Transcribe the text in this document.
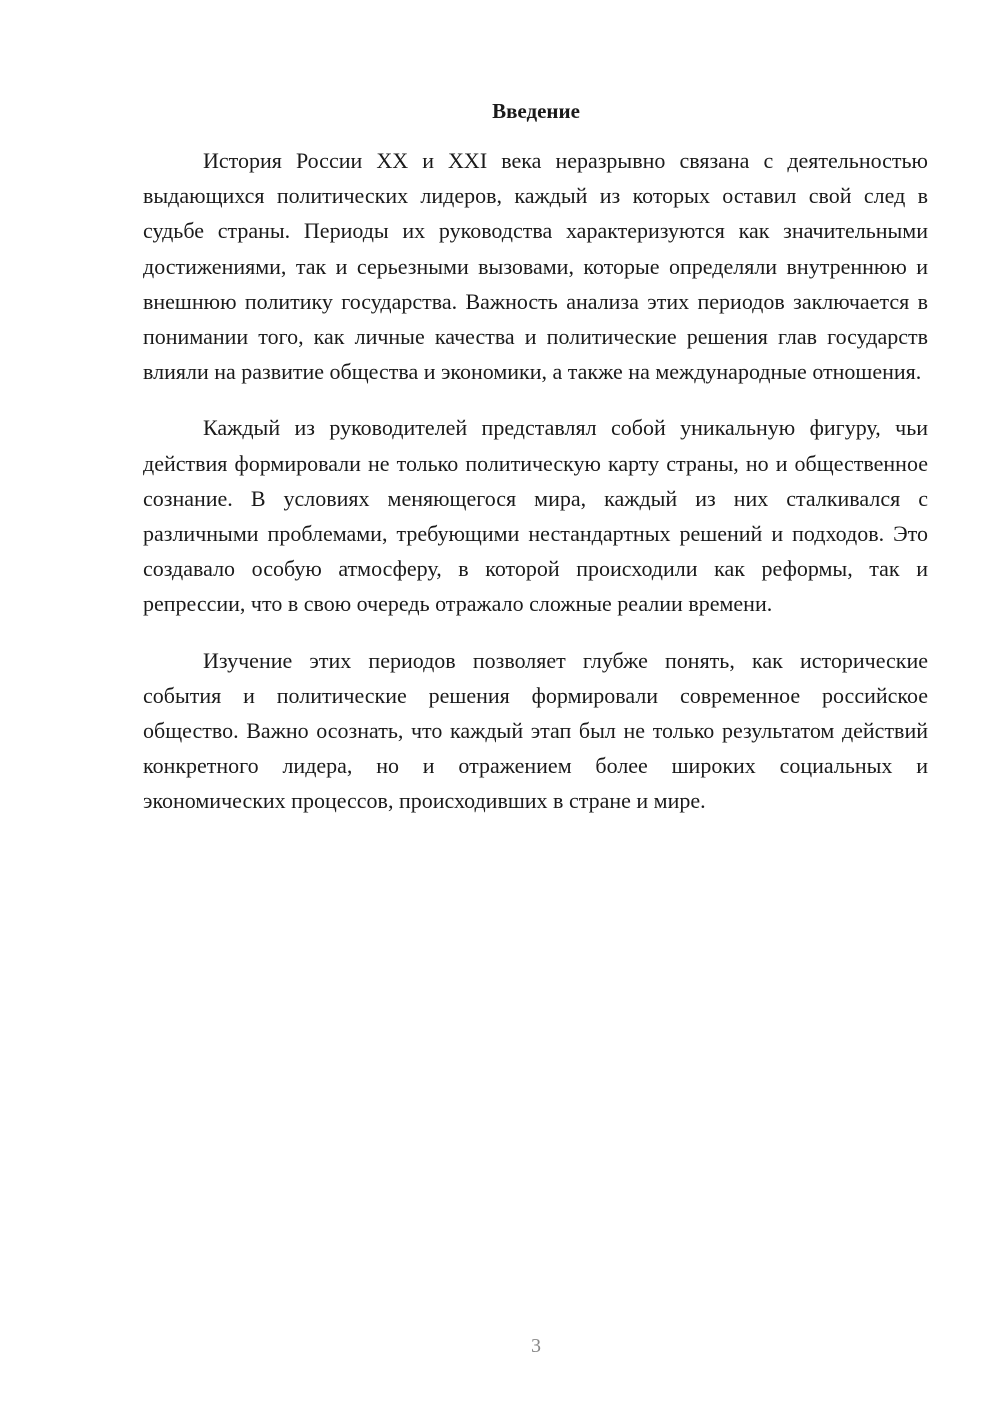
Введение

История России XX и XXI века неразрывно связана с деятельностью выдающихся политических лидеров, каждый из которых оставил свой след в судьбе страны. Периоды их руководства характеризуются как значительными достижениями, так и серьезными вызовами, которые определяли внутреннюю и внешнюю политику государства. Важность анализа этих периодов заключается в понимании того, как личные качества и политические решения глав государств влияли на развитие общества и экономики, а также на международные отношения.

Каждый из руководителей представлял собой уникальную фигуру, чьи действия формировали не только политическую карту страны, но и общественное сознание. В условиях меняющегося мира, каждый из них сталкивался с различными проблемами, требующими нестандартных решений и подходов. Это создавало особую атмосферу, в которой происходили как реформы, так и репрессии, что в свою очередь отражало сложные реалии времени.

Изучение этих периодов позволяет глубже понять, как исторические события и политические решения формировали современное российское общество. Важно осознать, что каждый этап был не только результатом действий конкретного лидера, но и отражением более широких социальных и экономических процессов, происходивших в стране и мире.

3
